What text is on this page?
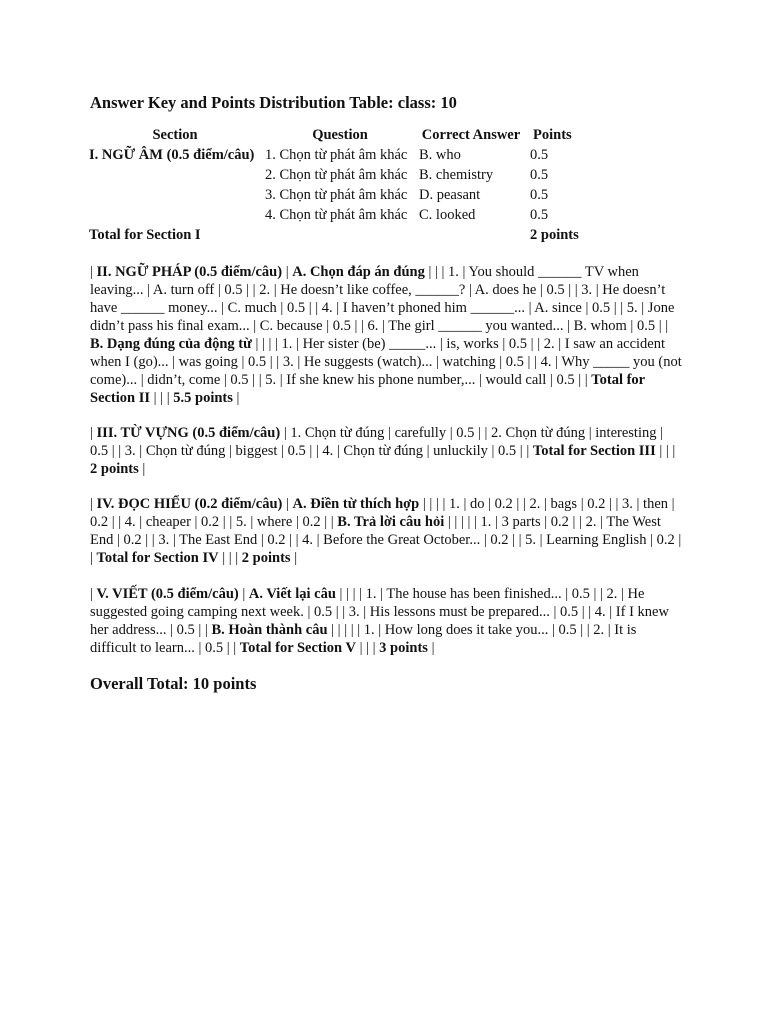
Answer Key and Points Distribution Table: class: 10
Section	Question	Correct Answer	Points
I. NGỮ ÂM (0.5 điểm/câu)	1. Chọn từ phát âm khác	B. who	0.5
	2. Chọn từ phát âm khác	B. chemistry	0.5
	3. Chọn từ phát âm khác	D. peasant	0.5
	4. Chọn từ phát âm khác	C. looked	0.5
Total for Section I			2 points

| II. NGỮ PHÁP (0.5 điểm/câu) | A. Chọn đáp án đúng | | | 1. | You should ______ TV when leaving... | A. turn off | 0.5 | | 2. | He doesn’t like coffee, ______? | A. does he | 0.5 | | 3. | He doesn’t have ______ money... | C. much | 0.5 | | 4. | I haven’t phoned him ______... | A. since | 0.5 | | 5. | Jone didn’t pass his final exam... | C. because | 0.5 | | 6. | The girl ______ you wanted... | B. whom | 0.5 | | B. Dạng đúng của động từ | | | | 1. | Her sister (be) _____... | is, works | 0.5 | | 2. | I saw an accident when I (go)... | was going | 0.5 | | 3. | He suggests (watch)... | watching | 0.5 | | 4. | Why _____ you (not come)... | didn’t, come | 0.5 | | 5. | If she knew his phone number,... | would call | 0.5 | | Total for Section II | | | 5.5 points |

| III. TỪ VỰNG (0.5 điểm/câu) | 1. Chọn từ đúng | carefully | 0.5 | | 2. Chọn từ đúng | interesting | 0.5 | | 3. | Chọn từ đúng | biggest | 0.5 | | 4. | Chọn từ đúng | unluckily | 0.5 | | Total for Section III | | | 2 points |

| IV. ĐỌC HIỂU (0.2 điểm/câu) | A. Điền từ thích hợp | | | | 1. | do | 0.2 | | 2. | bags | 0.2 | | 3. | then | 0.2 | | 4. | cheaper | 0.2 | | 5. | where | 0.2 | | B. Trả lời câu hỏi | | | | | 1. | 3 parts | 0.2 | | 2. | The West End | 0.2 | | 3. | The East End | 0.2 | | 4. | Before the Great October... | 0.2 | | 5. | Learning English | 0.2 | | Total for Section IV | | | 2 points |

| V. VIẾT (0.5 điểm/câu) | A. Viết lại câu | | | | 1. | The house has been finished... | 0.5 | | 2. | He suggested going camping next week. | 0.5 | | 3. | His lessons must be prepared... | 0.5 | | 4. | If I knew her address... | 0.5 | | B. Hoàn thành câu | | | | | 1. | How long does it take you... | 0.5 | | 2. | It is difficult to learn... | 0.5 | | Total for Section V | | | 3 points |

Overall Total: 10 points
